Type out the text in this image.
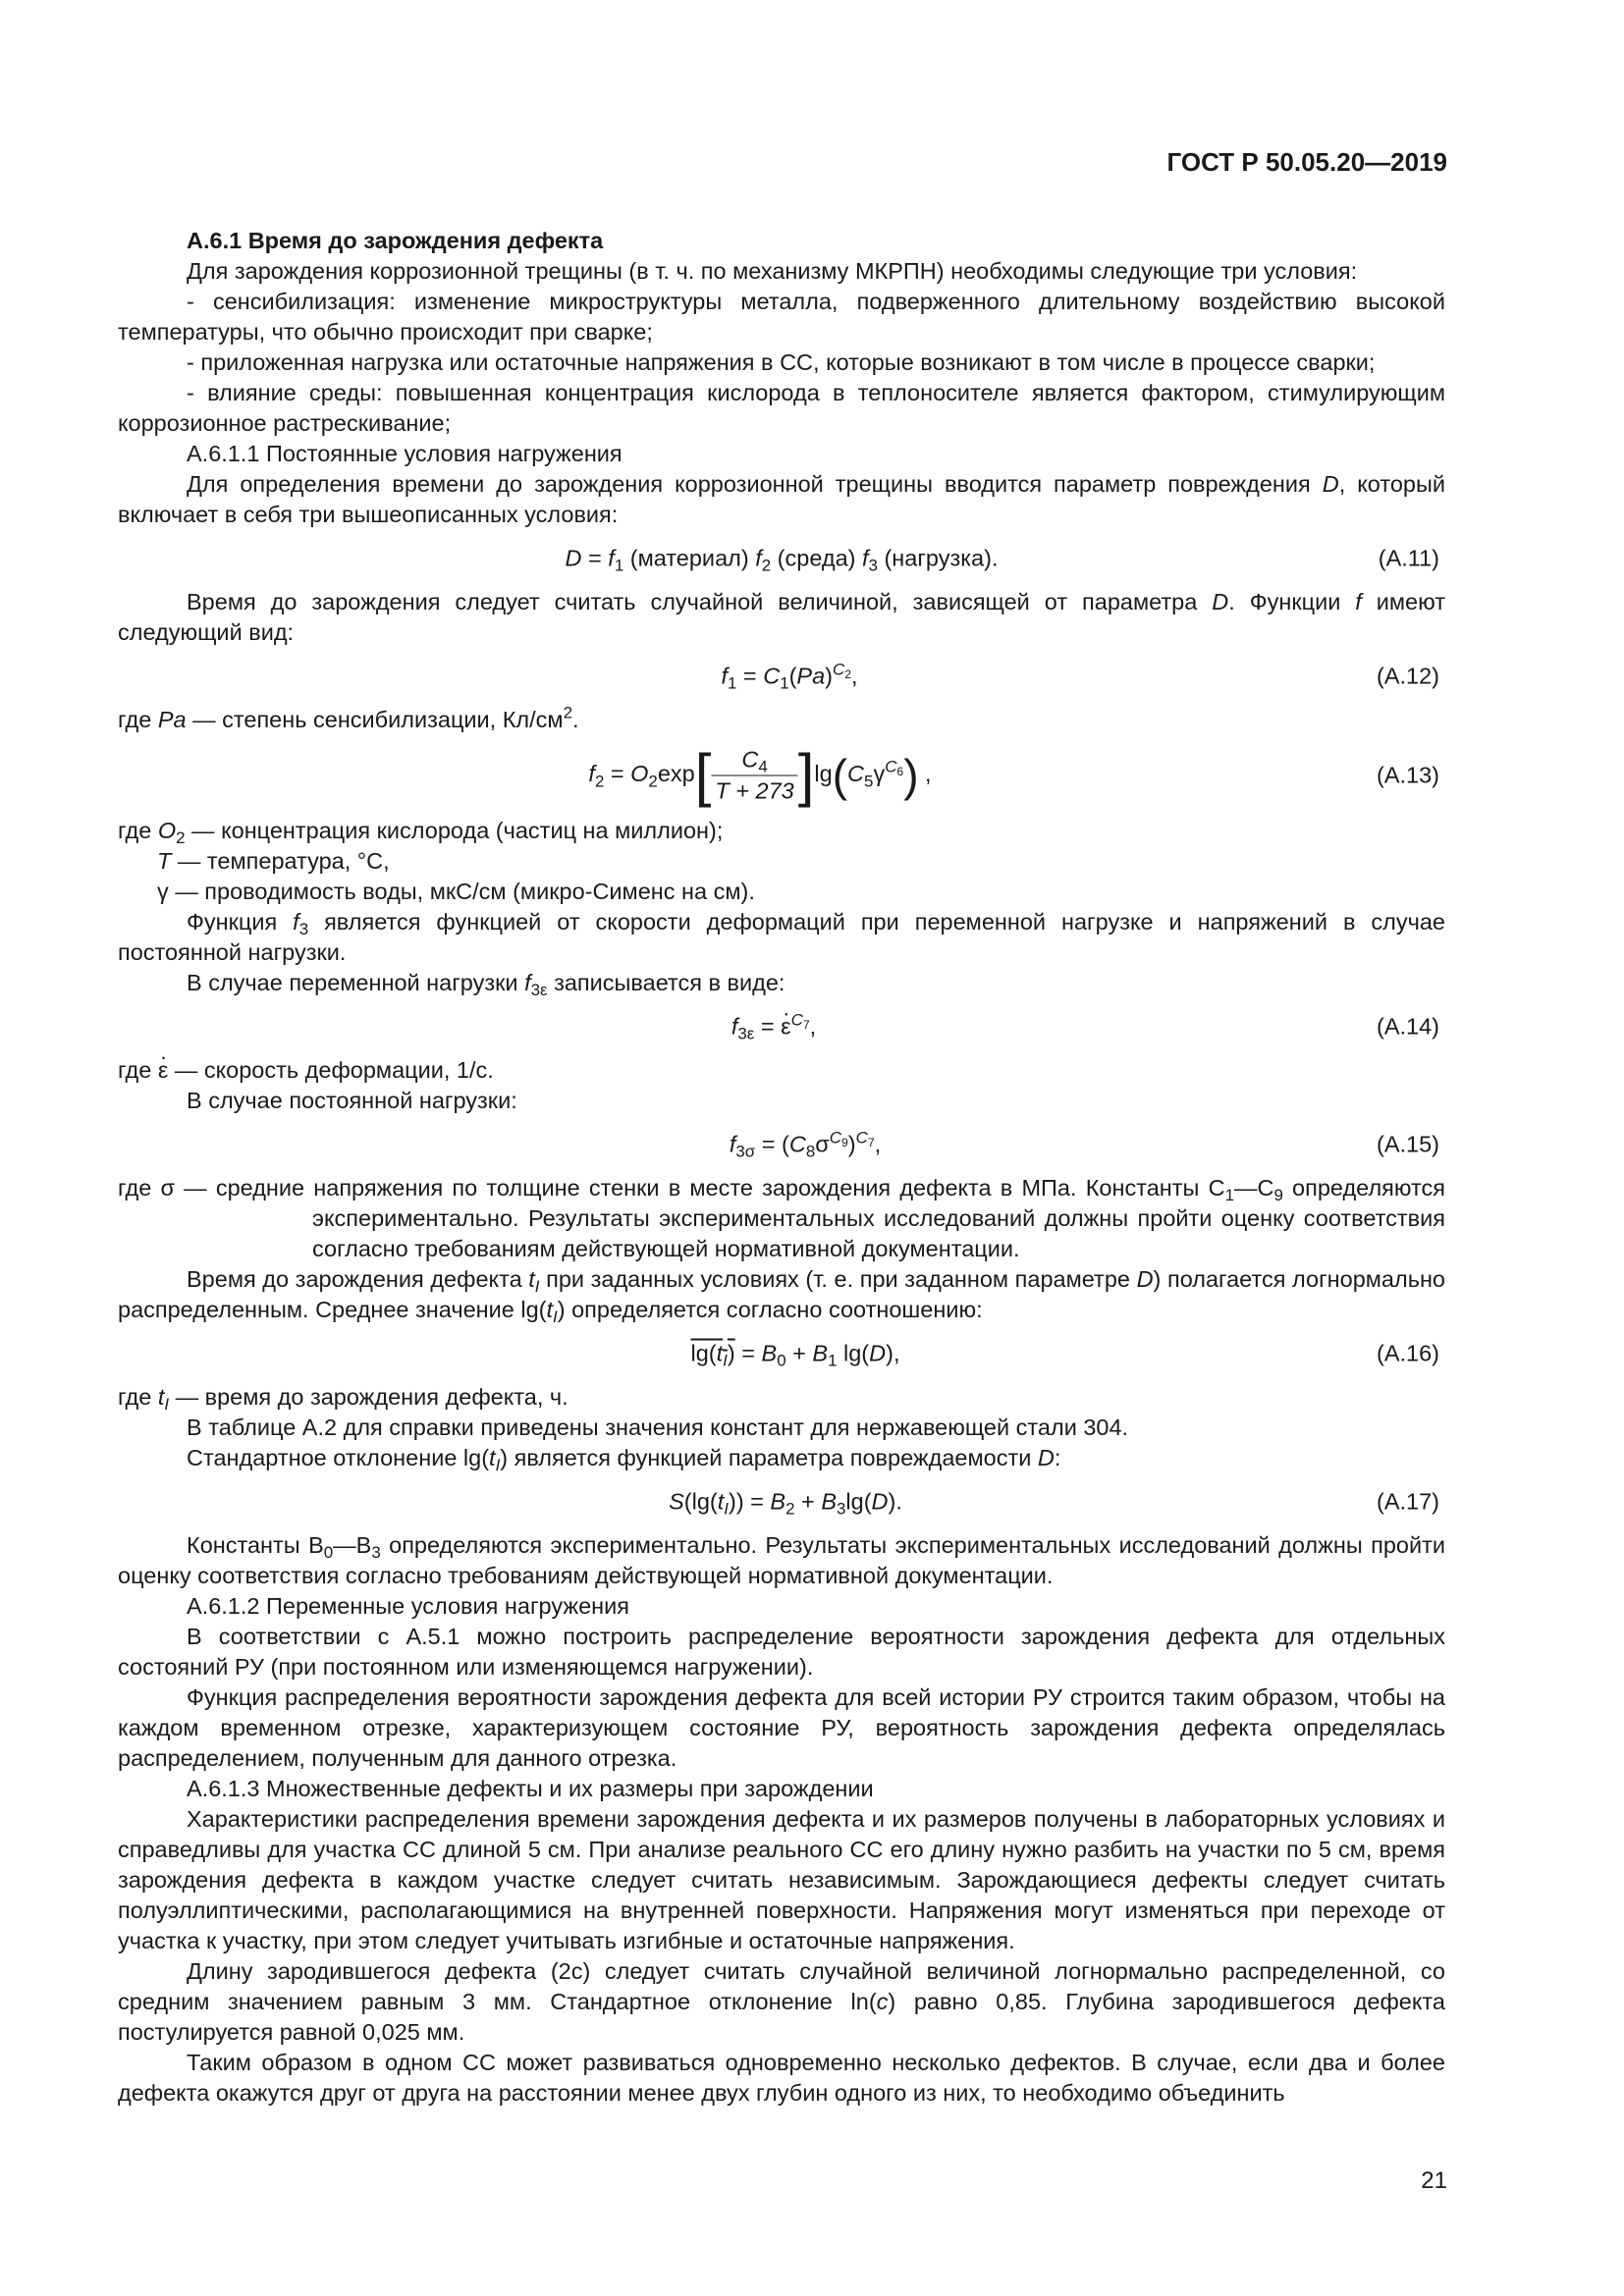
ГОСТ Р 50.05.20—2019

А.6.1 Время до зарождения дефекта

Для зарождения коррозионной трещины (в т. ч. по механизму МКРПН) необходимы следующие три условия:

- сенсибилизация: изменение микроструктуры металла, подверженного длительному воздействию высокой температуры, что обычно происходит при сварке;

- приложенная нагрузка или остаточные напряжения в СС, которые возникают в том числе в процессе сварки;

- влияние среды: повышенная концентрация кислорода в теплоносителе является фактором, стимулирующим коррозионное растрескивание;

А.6.1.1 Постоянные условия нагружения

Для определения времени до зарождения коррозионной трещины вводится параметр повреждения D, который включает в себя три вышеописанных условия:

$D = f_1$ (материал) $f_2$ (среда) $f_3$ (нагрузка).	(А.11)

Время до зарождения следует считать случайной величиной, зависящей от параметра D. Функции f имеют следующий вид:

$f_1 = C_1(Pa)^{C_2}$,	(А.12)

где Pa — степень сенсибилизации, $Кл/см^2$.

$f_2 = O_2\exp[ \frac{C_4}{T + 273} ]\lg(C_5\gamma^{C_6})$ ,	(А.13)

где $O_2$ — концентрация кислорода (частиц на миллион);

T — температура, °С,

γ — проводимость воды, мкС/см (микро-Сименс на см).

Функция $f_3$ является функцией от скорости деформаций при переменной нагрузке и напряжений в случае постоянной нагрузки.

В случае переменной нагрузки $f_{3\varepsilon}$ записывается в виде:

$f_{3\varepsilon} = \varepsilon \cdot^{C_7}$,	(А.14)

где ε · — скорость деформации, 1/с.

В случае постоянной нагрузки:

$f_{3\sigma} = (C_8\sigma^{C_9})^{C_7}$,	(А.15)

где σ — средние напряжения по толщине стенки в месте зарождения дефекта в МПа. Константы $С_1—С_9$ определяются экспериментально. Результаты экспериментальных исследований должны пройти оценку соответствия согласно требованиям действующей нормативной документации.

Время до зарождения дефекта $t_I$ при заданных условиях (т. е. при заданном параметре D) полагается логнормально распределенным. Среднее значение $\lg(t_I)$ определяется согласно соотношению:

$\lg(t_I) = B_0 + B_1$ lg(D),	(А.16)

где $t_I$ — время до зарождения дефекта, ч.

В таблице А.2 для справки приведены значения констант для нержавеющей стали 304.

Стандартное отклонение $\lg(t_I)$ является функцией параметра повреждаемости D:

$S(\lg(t_I)) = B_2 + B_3\lg(D)$.	(А.17)

Константы $B_0—B_3$ определяются экспериментально. Результаты экспериментальных исследований должны пройти оценку соответствия согласно требованиям действующей нормативной документации.

А.6.1.2 Переменные условия нагружения

В соответствии с А.5.1 можно построить распределение вероятности зарождения дефекта для отдельных состояний РУ (при постоянном или изменяющемся нагружении).

Функция распределения вероятности зарождения дефекта для всей истории РУ строится таким образом, чтобы на каждом временном отрезке, характеризующем состояние РУ, вероятность зарождения дефекта определялась распределением, полученным для данного отрезка.

А.6.1.3 Множественные дефекты и их размеры при зарождении

Характеристики распределения времени зарождения дефекта и их размеров получены в лабораторных условиях и справедливы для участка СС длиной 5 см. При анализе реального СС его длину нужно разбить на участки по 5 см, время зарождения дефекта в каждом участке следует считать независимым. Зарождающиеся дефекты следует считать полуэллиптическими, располагающимися на внутренней поверхности. Напряжения могут изменяться при переходе от участка к участку, при этом следует учитывать изгибные и остаточные напряжения.

Длину зародившегося дефекта (2с) следует считать случайной величиной логнормально распределенной, со средним значением равным 3 мм. Стандартное отклонение ln(c) равно 0,85. Глубина зародившегося дефекта постулируется равной 0,025 мм.

Таким образом в одном СС может развиваться одновременно несколько дефектов. В случае, если два и более дефекта окажутся друг от друга на расстоянии менее двух глубин одного из них, то необходимо объединить

21
